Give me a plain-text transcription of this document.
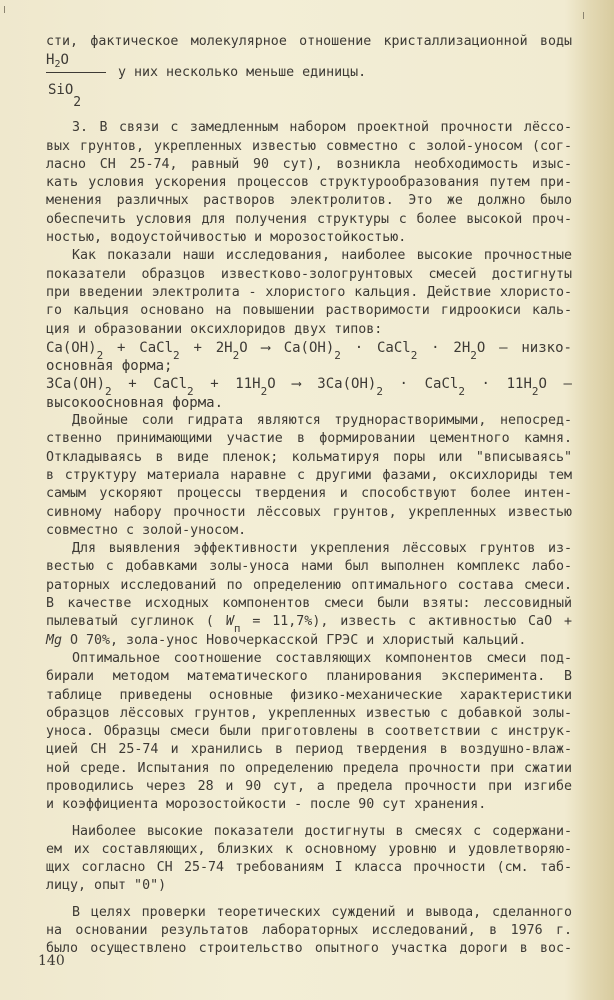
сти, фактическое молекулярное отношение кристаллизационной воды
$H_2O$
SiO2
у них несколько меньше единицы.
3. В связи с замедленным набором проектной прочности лёссо-
вых грунтов, укрепленных известью совместно с золой-уносом (сог-
ласно СН 25-74, равный 90 сут), возникла необходимость изыс-
кать условия ускорения процессов структурообразования путем при-
менения различных растворов электролитов. Это же должно было
обеспечить условия для получения структуры с более высокой проч-
ностью, водоустойчивостью и морозостойкостью.
Как показали наши исследования, наиболее высокие прочностные
показатели образцов известково-зологрунтовых смесей достигнуты
при введении электролита - хлористого кальция. Действие хлористо-
го кальция основано на повышении растворимости гидроокиси каль-
ция и образовании оксихлоридов двух типов:
$Ca(OH)_2$ + CaCl$_2$ + $2H_2O$ ⟶ $Ca(OH)_2$ · CaCl$_2$ · $2H_2O$ – низко-
основная форма;
$3Ca(OH)_2$ + CaCl$_2$ + $11H_2O$ ⟶ $3Ca(OH)_2$ · CaCl$_2$ · $11H_2O$ –
высокоосновная форма.
Двойные соли гидрата являются труднорастворимыми, непосред-
ственно принимающими участие в формировании цементного камня.
Откладываясь в виде пленок; кольматируя поры или "вписываясь"
в структуру материала наравне с другими фазами, оксихлориды тем
самым ускоряют процессы твердения и способствуют более интен-
сивному набору прочности лёссовых грунтов, укрепленных известью
совместно с золой-уносом.
Для выявления эффективности укрепления лёссовых грунтов из-
вестью с добавками золы-уноса нами был выполнен комплекс лабо-
раторных исследований по определению оптимального состава смеси.
В качестве исходных компонентов смеси были взяты: лессовидный
пылеватый суглинок ( $W_п = 11,7\%$), известь с активностью СаО +
Mg O 70%, зола-унос Новочеркасской ГРЭС и хлористый кальций.
Оптимальное соотношение составляющих компонентов смеси под-
бирали методом математического планирования эксперимента. В
таблице приведены основные физико-механические характеристики
образцов лёссовых грунтов, укрепленных известью с добавкой золы-
уноса. Образцы смеси были приготовлены в соответствии с инструк-
цией СН 25-74 и хранились в период твердения в воздушно-влаж-
ной среде. Испытания по определению предела прочности при сжатии
проводились через 28 и 90 сут, а предела прочности при изгибе
и коэффициента морозостойкости - после 90 сут хранения.
Наиболее высокие показатели достигнуты в смесях с содержани-
ем их составляющих, близких к основному уровню и удовлетворяю-
щих согласно СН 25-74 требованиям I класса прочности (см. таб-
лицу, опыт "0")
В целях проверки теоретических суждений и вывода, сделанного
на основании результатов лабораторных исследований, в 1976 г.
было осуществлено строительство опытного участка дороги в вос-
140
